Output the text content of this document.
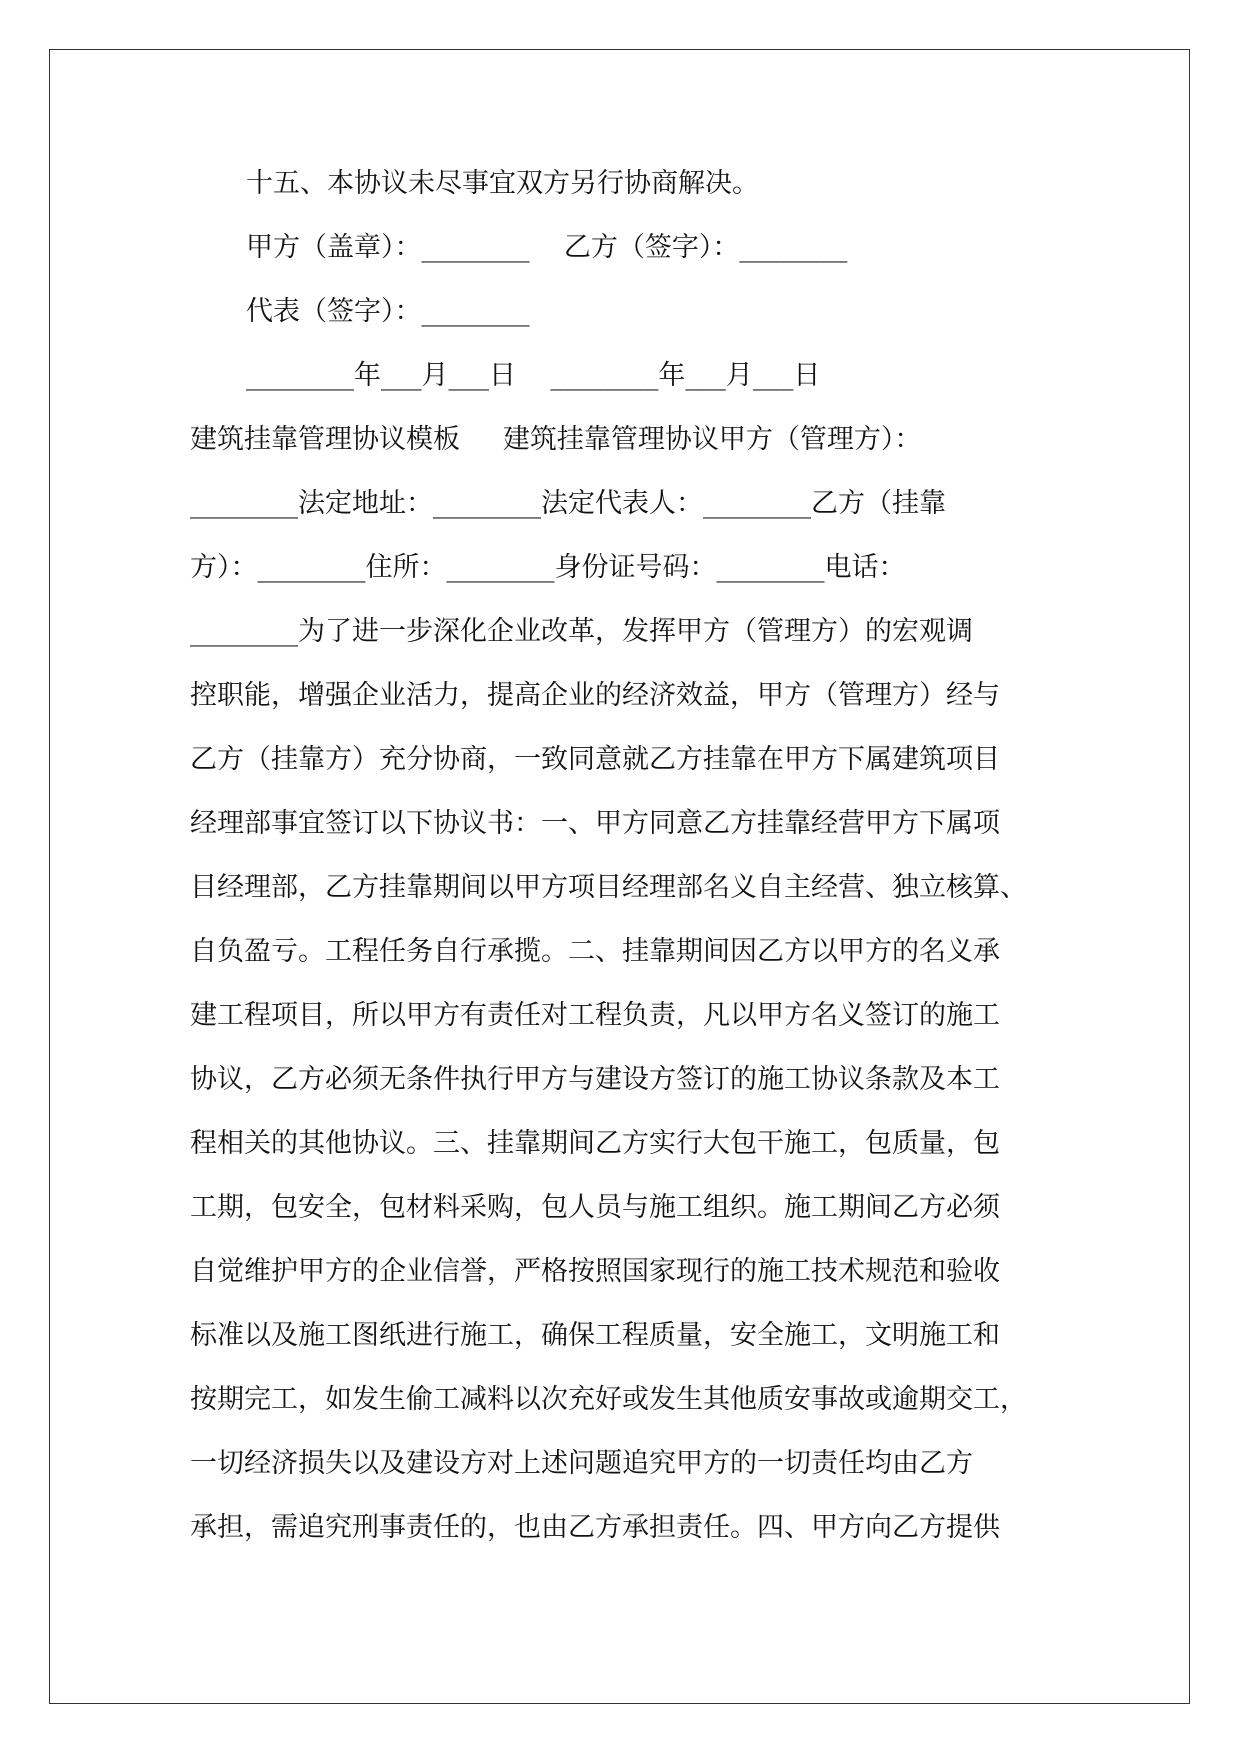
十五、本协议未尽事宜双方另行协商解决。
甲方（盖章）：________    乙方（签字）：________
代表（签字）：________
________年___月___日    ________年___月___日
建筑挂靠管理协议模板     建筑挂靠管理协议甲方（管理方）：
________法定地址：________法定代表人：________乙方（挂靠
方）：________住所：________身份证号码：________电话：
________为了进一步深化企业改革，发挥甲方（管理方）的宏观调
控职能，增强企业活力，提高企业的经济效益，甲方（管理方）经与
乙方（挂靠方）充分协商，一致同意就乙方挂靠在甲方下属建筑项目
经理部事宜签订以下协议书：一、甲方同意乙方挂靠经营甲方下属项
目经理部，乙方挂靠期间以甲方项目经理部名义自主经营、独立核算、
自负盈亏。工程任务自行承揽。二、挂靠期间因乙方以甲方的名义承
建工程项目，所以甲方有责任对工程负责，凡以甲方名义签订的施工
协议，乙方必须无条件执行甲方与建设方签订的施工协议条款及本工
程相关的其他协议。三、挂靠期间乙方实行大包干施工，包质量，包
工期，包安全，包材料采购，包人员与施工组织。施工期间乙方必须
自觉维护甲方的企业信誉，严格按照国家现行的施工技术规范和验收
标准以及施工图纸进行施工，确保工程质量，安全施工，文明施工和
按期完工，如发生偷工减料以次充好或发生其他质安事故或逾期交工，
一切经济损失以及建设方对上述问题追究甲方的一切责任均由乙方
承担，需追究刑事责任的，也由乙方承担责任。四、甲方向乙方提供
